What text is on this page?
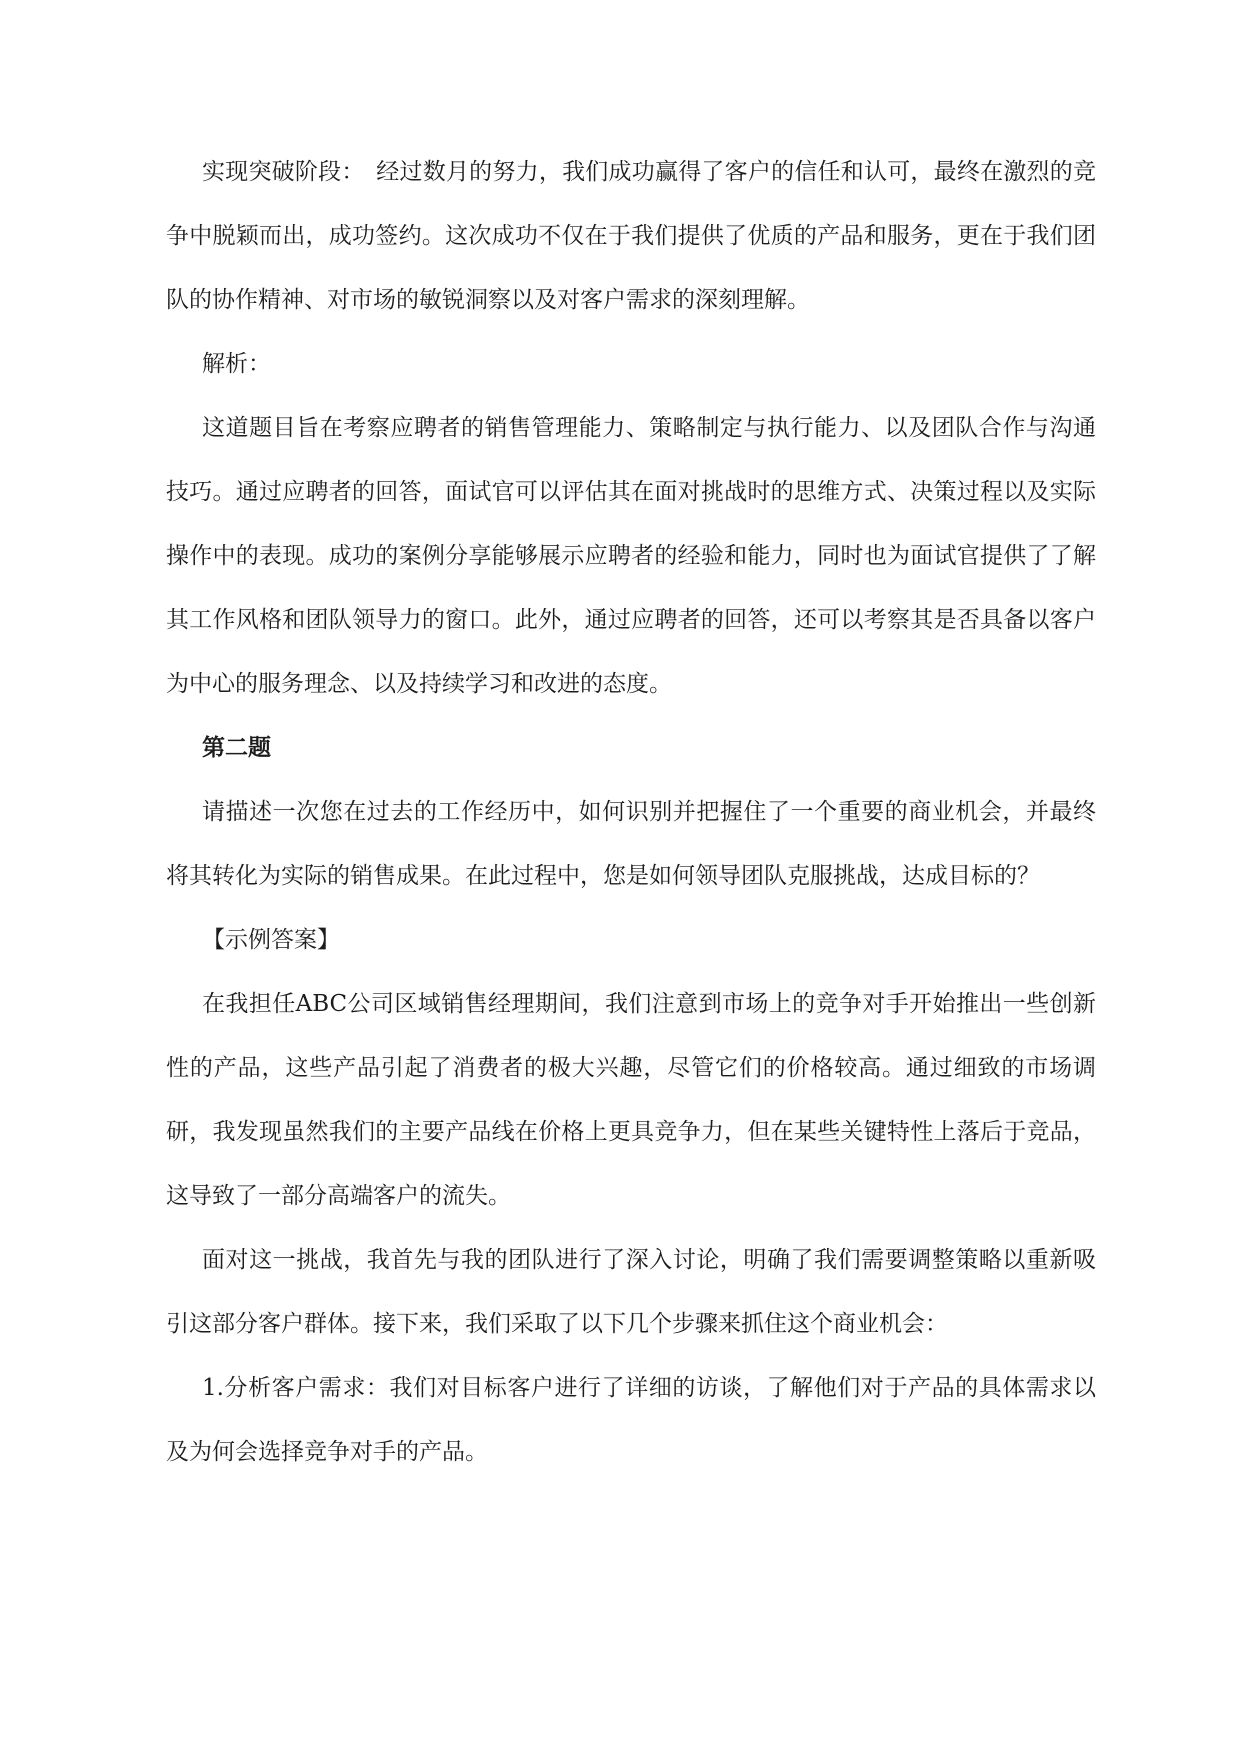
实现突破阶段：　经过数月的努力，我们成功赢得了客户的信任和认可，最终在激烈的竞争中脱颖而出，成功签约。这次成功不仅在于我们提供了优质的产品和服务，更在于我们团队的协作精神、对市场的敏锐洞察以及对客户需求的深刻理解。

解析：

这道题目旨在考察应聘者的销售管理能力、策略制定与执行能力、以及团队合作与沟通技巧。通过应聘者的回答，面试官可以评估其在面对挑战时的思维方式、决策过程以及实际操作中的表现。成功的案例分享能够展示应聘者的经验和能力，同时也为面试官提供了了解其工作风格和团队领导力的窗口。此外，通过应聘者的回答，还可以考察其是否具备以客户为中心的服务理念、以及持续学习和改进的态度。

第二题

请描述一次您在过去的工作经历中，如何识别并把握住了一个重要的商业机会，并最终将其转化为实际的销售成果。在此过程中，您是如何领导团队克服挑战，达成目标的？

【示例答案】

在我担任ABC公司区域销售经理期间，我们注意到市场上的竞争对手开始推出一些创新性的产品，这些产品引起了消费者的极大兴趣，尽管它们的价格较高。通过细致的市场调研，我发现虽然我们的主要产品线在价格上更具竞争力，但在某些关键特性上落后于竞品，这导致了一部分高端客户的流失。

面对这一挑战，我首先与我的团队进行了深入讨论，明确了我们需要调整策略以重新吸引这部分客户群体。接下来，我们采取了以下几个步骤来抓住这个商业机会：

1.分析客户需求：我们对目标客户进行了详细的访谈，了解他们对于产品的具体需求以及为何会选择竞争对手的产品。
